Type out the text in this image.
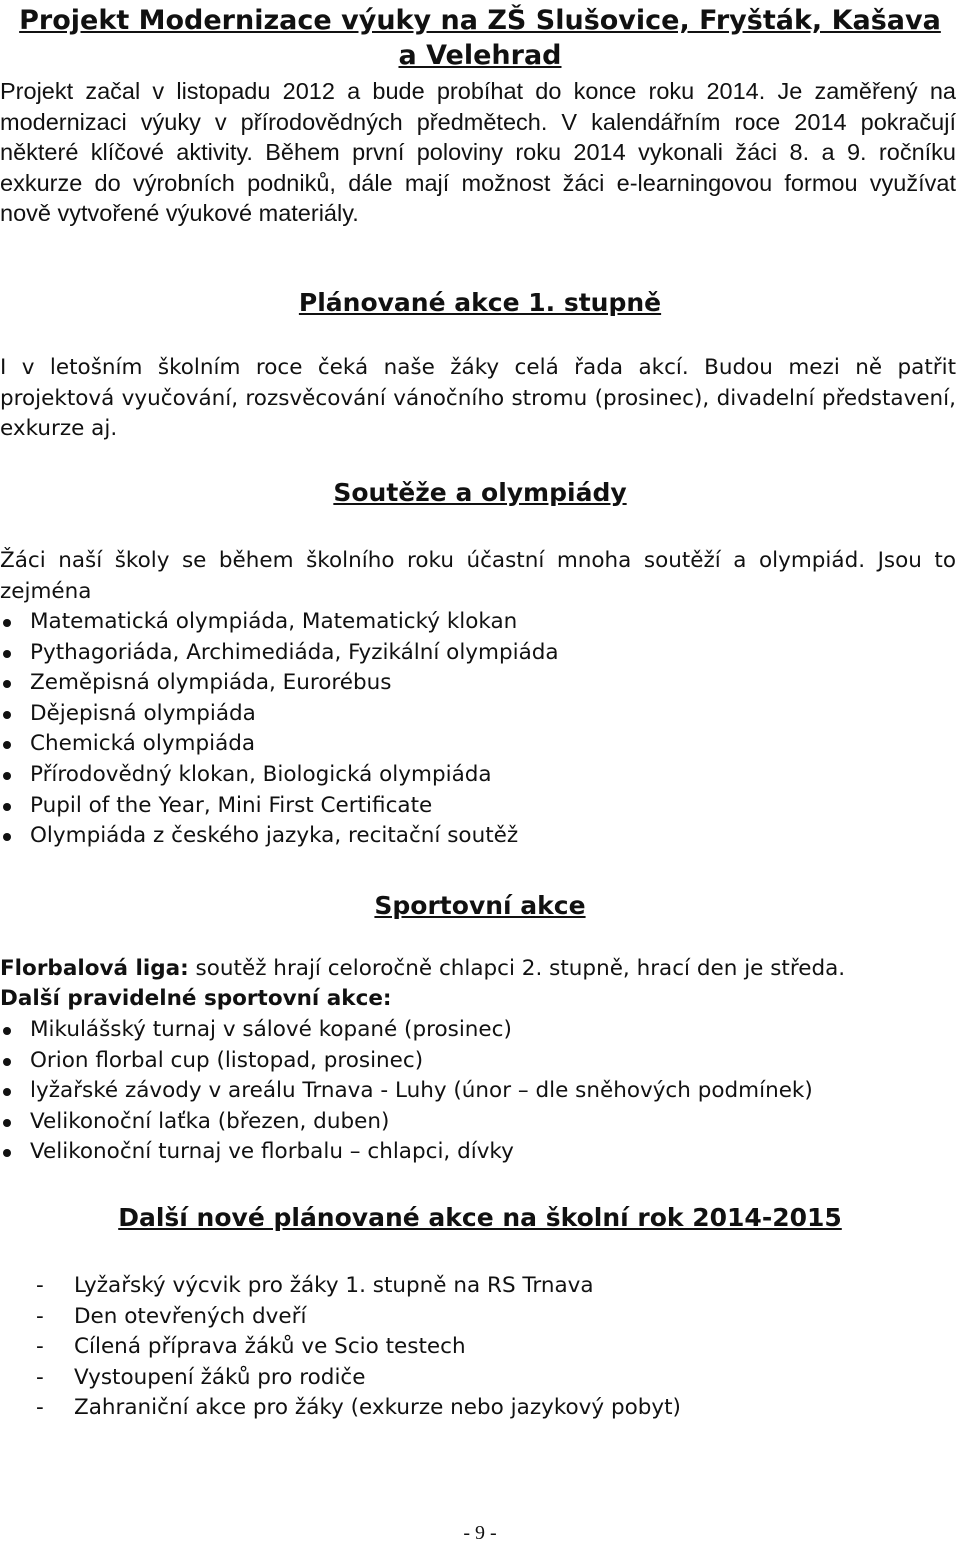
Projekt Modernizace výuky na ZŠ Slušovice, Fryšták, Kašava
a Velehrad

Projekt začal v listopadu 2012 a bude probíhat do konce roku 2014. Je zaměřený na modernizaci výuky v přírodovědných předmětech. V kalendářním roce 2014 pokračují některé klíčové aktivity. Během první poloviny roku 2014 vykonali žáci 8. a 9. ročníku exkurze do výrobních podniků, dále mají možnost žáci e-learningovou formou využívat nově vytvořené výukové materiály.

Plánované akce 1. stupně

I v letošním školním roce čeká naše žáky celá řada akcí. Budou mezi ně patřit projektová vyučování, rozsvěcování vánočního stromu (prosinec), divadelní představení, exkurze aj.

Soutěže a olympiády

Žáci naší školy se během školního roku účastní mnoha soutěží a olympiád. Jsou to zejména

Matematická olympiáda, Matematický klokan
Pythagoriáda, Archimediáda, Fyzikální olympiáda
Zeměpisná olympiáda, Eurorébus
Dějepisná olympiáda
Chemická olympiáda
Přírodovědný klokan, Biologická olympiáda
Pupil of the Year, Mini First Certificate
Olympiáda z českého jazyka, recitační soutěž
Sportovní akce

Florbalová liga: soutěž hrají celoročně chlapci 2. stupně, hrací den je středa.

Další pravidelné sportovní akce:

Mikulášský turnaj v sálové kopané (prosinec)
Orion florbal cup (listopad, prosinec)
lyžařské závody v areálu Trnava - Luhy (únor – dle sněhových podmínek)
Velikonoční laťka (březen, duben)
Velikonoční turnaj ve florbalu – chlapci, dívky
Další nové plánované akce na školní rok 2014-2015
- Lyžařský výcvik pro žáky 1. stupně na RS Trnava
- Den otevřených dveří
- Cílená příprava žáků ve Scio testech
- Vystoupení žáků pro rodiče
- Zahraniční akce pro žáky (exkurze nebo jazykový pobyt)

- 9 -
